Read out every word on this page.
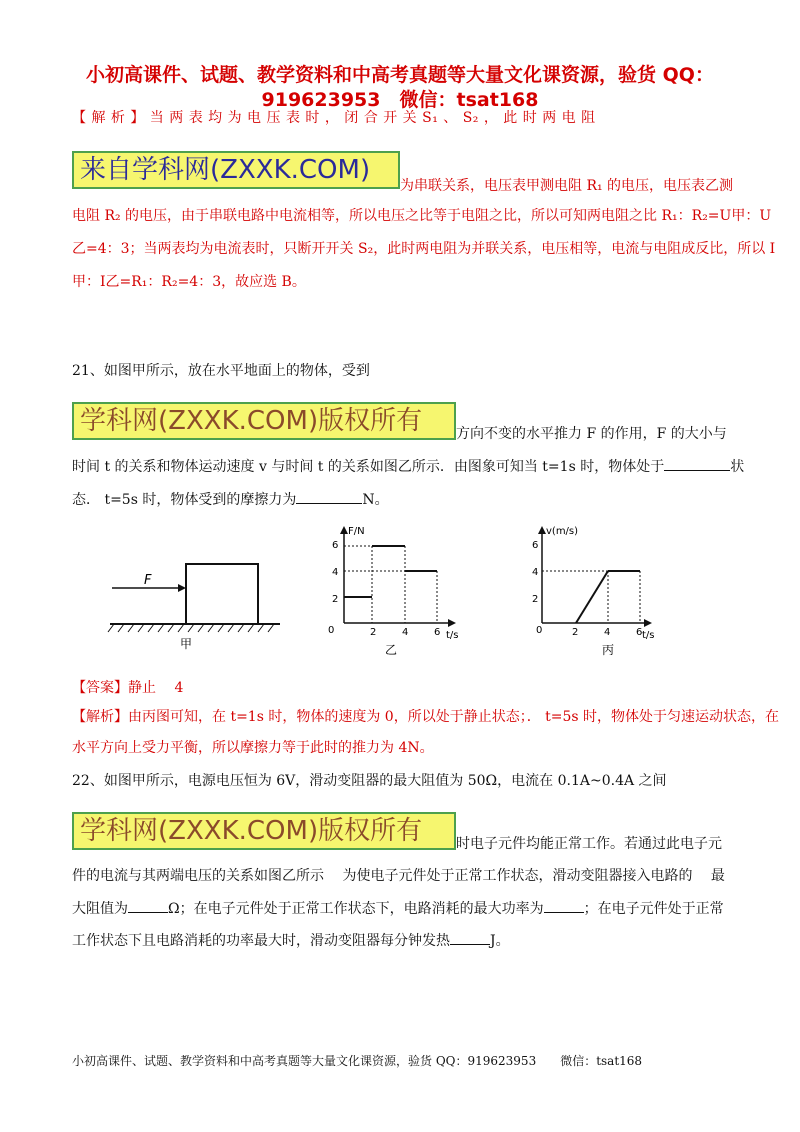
小初高课件、试题、教学资料和中高考真题等大量文化课资源，验货 QQ：
919623953　微信：tsat168
【 解 析 】 当 两 表 均 为 电 压 表 时 ， 闭 合 开 关 S₁ 、 S₂ ， 此 时 两 电 阻
来自学科网(ZXXK.COM)
为串联关系，电压表甲测电阻 R₁ 的电压，电压表乙测
电阻 R₂ 的电压，由于串联电路中电流相等，所以电压之比等于电阻之比，所以可知两电阻之比 R₁：R₂=U甲：U
乙=4：3；当两表均为电流表时，只断开开关 S₂，此时两电阻为并联关系，电压相等，电流与电阻成反比，所以 I
甲：I乙=R₁：R₂=4：3，故应选 B。
21、如图甲所示，放在水平地面上的物体，受到
学科网(ZXXK.COM)版权所有	方向不变的水平推力 F 的作用，F 的大小与
时间 t 的关系和物体运动速度 v 与时间 t 的关系如图乙所示．由图象可知当 t=1s 时，物体处于	状
态． t=5s 时，物体受到的摩擦力为	N。
F
甲
F/N
t/s
2
4
6
0	2	4	6
乙
v(m/s)
t/s
2
4
6
0	2	4	6
丙
【答案】静止　 4
【解析】由丙图可知，在 t=1s 时，物体的速度为 0，所以处于静止状态；． t=5s 时，物体处于匀速运动状态，在
水平方向上受力平衡，所以摩擦力等于此时的推力为 4N。
22、如图甲所示，电源电压恒为 6V，滑动变阻器的最大阻值为 50Ω，电流在 0.1A~0.4A 之间
学科网(ZXXK.COM)版权所有	时电子元件均能正常工作。若通过此电子元
件的电流与其两端电压的关系如图乙所示　 为使电子元件处于正常工作状态，滑动变阻器接入电路的　 最
大阻值为	Ω；在电子元件处于正常工作状态下，电路消耗的最大功率为	；在电子元件处于正常
工作状态下且电路消耗的功率最大时，滑动变阻器每分钟发热	J。
小初高课件、试题、教学资料和中高考真题等大量文化课资源，验货 QQ：919623953　　微信：tsat168
